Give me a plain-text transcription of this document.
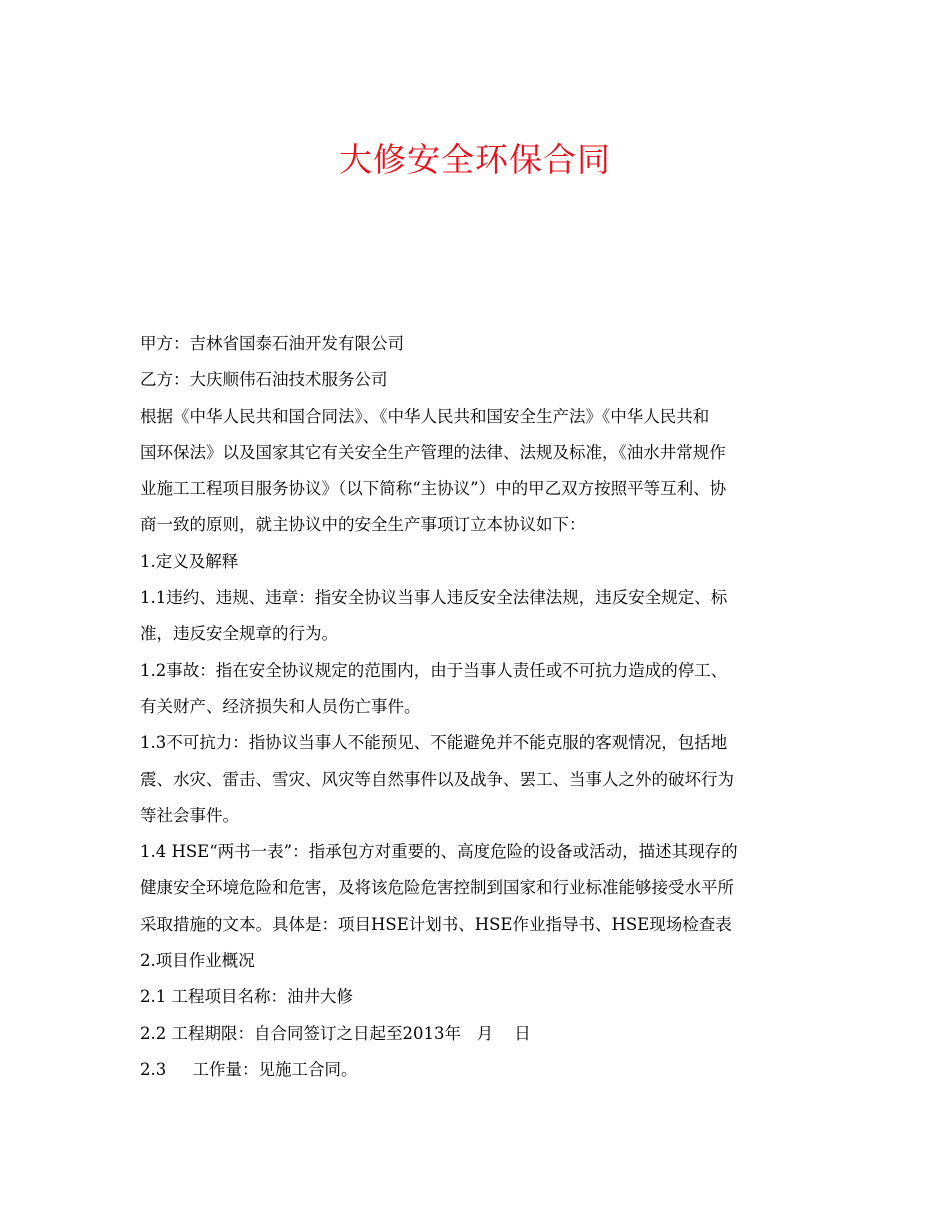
大修安全环保合同
甲方：吉林省国泰石油开发有限公司
乙方：大庆顺伟石油技术服务公司
根据《中华人民共和国合同法》、《中华人民共和国安全生产法》《中华人民共和
国环保法》以及国家其它有关安全生产管理的法律、法规及标准，《油水井常规作
业施工工程项目服务协议》（以下简称“主协议”）中的甲乙双方按照平等互利、协
商一致的原则，就主协议中的安全生产事项订立本协议如下：
1.定义及解释
1.1违约、违规、违章：指安全协议当事人违反安全法律法规，违反安全规定、标
准，违反安全规章的行为。
1.2事故：指在安全协议规定的范围内，由于当事人责任或不可抗力造成的停工、
有关财产、经济损失和人员伤亡事件。
1.3不可抗力：指协议当事人不能预见、不能避免并不能克服的客观情况，包括地
震、水灾、雷击、雪灾、风灾等自然事件以及战争、罢工、当事人之外的破坏行为
等社会事件。
1.4 HSE“两书一表”：指承包方对重要的、高度危险的设备或活动，描述其现存的
健康安全环境危险和危害，及将该危险危害控制到国家和行业标准能够接受水平所
采取措施的文本。具体是：项目HSE计划书、HSE作业指导书、HSE现场检查表
2.项目作业概况
2.1 工程项目名称：油井大修
2.2 工程期限：自合同签订之日起至2013年   月    日
2.3     工作量：见施工合同。
